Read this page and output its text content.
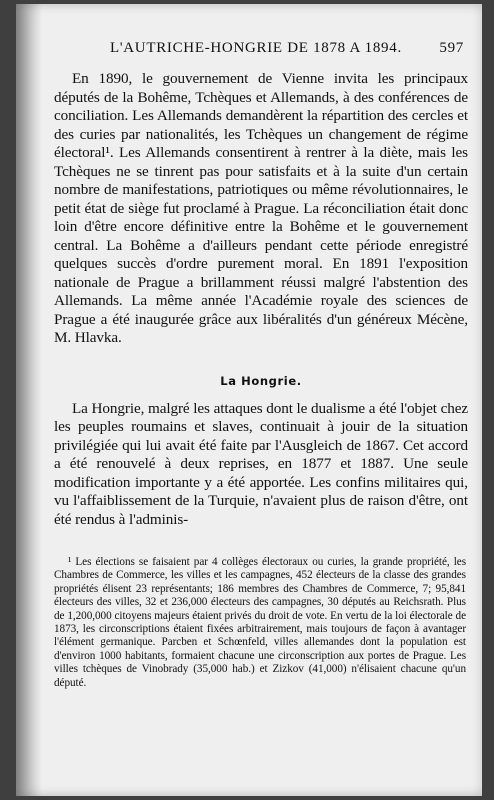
L'AUTRICHE-HONGRIE DE 1878 A 1894. 597

En 1890, le gouvernement de Vienne invita les principaux députés de la Bohême, Tchèques et Allemands, à des conférences de conciliation. Les Allemands demandèrent la répartition des cercles et des curies par nationalités, les Tchèques un changement de régime électoral¹. Les Allemands consentirent à rentrer à la diète, mais les Tchèques ne se tinrent pas pour satisfaits et à la suite d'un certain nombre de manifestations, patriotiques ou même révolutionnaires, le petit état de siège fut proclamé à Prague. La réconciliation était donc loin d'être encore définitive entre la Bohême et le gouvernement central. La Bohême a d'ailleurs pendant cette période enregistré quelques succès d'ordre purement moral. En 1891 l'exposition nationale de Prague a brillamment réussi malgré l'abstention des Allemands. La même année l'Académie royale des sciences de Prague a été inaugurée grâce aux libéralités d'un généreux Mécène, M. Hlavka.

La Hongrie.

La Hongrie, malgré les attaques dont le dualisme a été l'objet chez les peuples roumains et slaves, continuait à jouir de la situation privilégiée qui lui avait été faite par l'Ausgleich de 1867. Cet accord a été renouvelé à deux reprises, en 1877 et 1887. Une seule modification importante y a été apportée. Les confins militaires qui, vu l'affaiblissement de la Turquie, n'avaient plus de raison d'être, ont été rendus à l'adminis-

¹ Les élections se faisaient par 4 collèges électoraux ou curies, la grande propriété, les Chambres de Commerce, les villes et les campagnes, 452 électeurs de la classe des grandes propriétés élisent 23 représentants; 186 membres des Chambres de Commerce, 7; 95,841 électeurs des villes, 32 et 236,000 électeurs des campagnes, 30 députés au Reichsrath. Plus de 1,200,000 citoyens majeurs étaient privés du droit de vote. En vertu de la loi électorale de 1873, les circonscriptions étaient fixées arbitrairement, mais toujours de façon à avantager l'élément germanique. Parcben et Schœnfeld, villes allemandes dont la population est d'environ 1000 habitants, formaient chacune une circonscription aux portes de Prague. Les villes tchèques de Vinobrady (35,000 hab.) et Zizkov (41,000) n'élisaient chacune qu'un député.
